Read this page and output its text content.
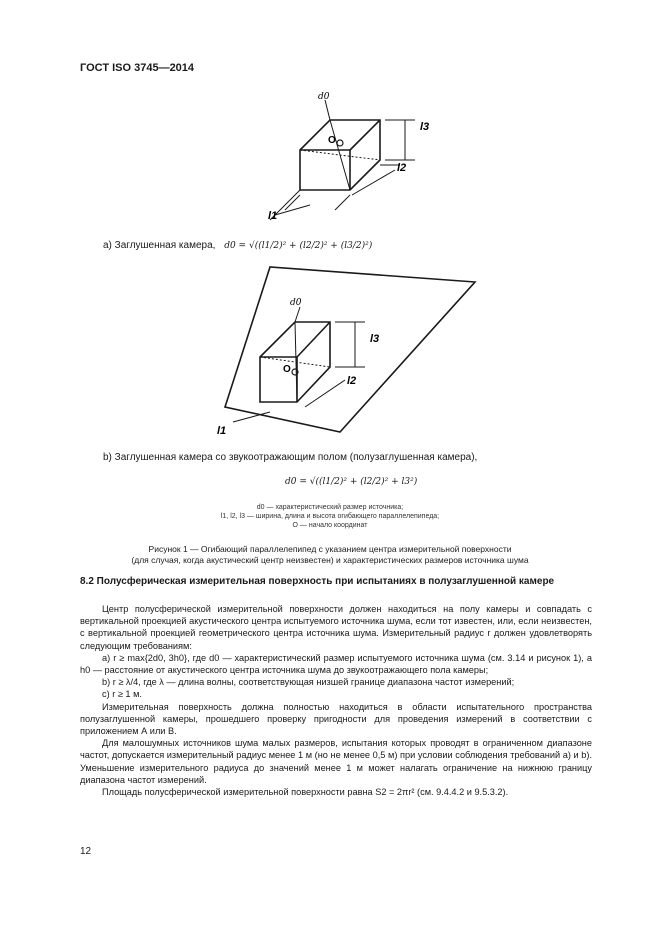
ГОСТ ISO 3745—2014
d0
O
l3
l2
l1
a) Заглушенная камера, d0 = √((l1/2)² + (l2/2)² + (l3/2)²)
d0
O
l3
l2
l1
b) Заглушенная камера со звукоотражающим полом (полузаглушенная камера),
d0 = √((l1/2)² + (l2/2)² + l3²)
d0 — характеристический размер источника;
l1, l2, l3 — ширина, длина и высота огибающего параллелепипеда;
O — начало координат
Рисунок 1 — Огибающий параллелепипед с указанием центра измерительной поверхности
(для случая, когда акустический центр неизвестен) и характеристических размеров источника шума
8.2 Полусферическая измерительная поверхность при испытаниях в полузаглушенной камере

Центр полусферической измерительной поверхности должен находиться на полу камеры и совпадать с вертикальной проекцией акустического центра испытуемого источника шума, если тот известен, или, если неизвестен, с вертикальной проекцией геометрического центра источника шума. Измерительный радиус r должен удовлетворять следующим требованиям:

a) r ≥ max{2d0, 3h0}, где d0 — характеристический размер испытуемого источника шума (см. 3.14 и рисунок 1), а h0 — расстояние от акустического центра источника шума до звукоотражающего пола камеры;

b) r ≥ λ/4, где λ — длина волны, соответствующая низшей границе диапазона частот измерений;

c) r ≥ 1 м.

Измерительная поверхность должна полностью находиться в области испытательного пространства полузаглушенной камеры, прошедшего проверку пригодности для проведения измерений в соответствии с приложением А или В.

Для малошумных источников шума малых размеров, испытания которых проводят в ограниченном диапазоне частот, допускается измерительный радиус менее 1 м (но не менее 0,5 м) при условии соблюдения требований а) и b). Уменьшение измерительного радиуса до значений менее 1 м может налагать ограничение на нижнюю границу диапазона частот измерений.

Площадь полусферической измерительной поверхности равна S2 = 2πr² (см. 9.4.4.2 и 9.5.3.2).

12
